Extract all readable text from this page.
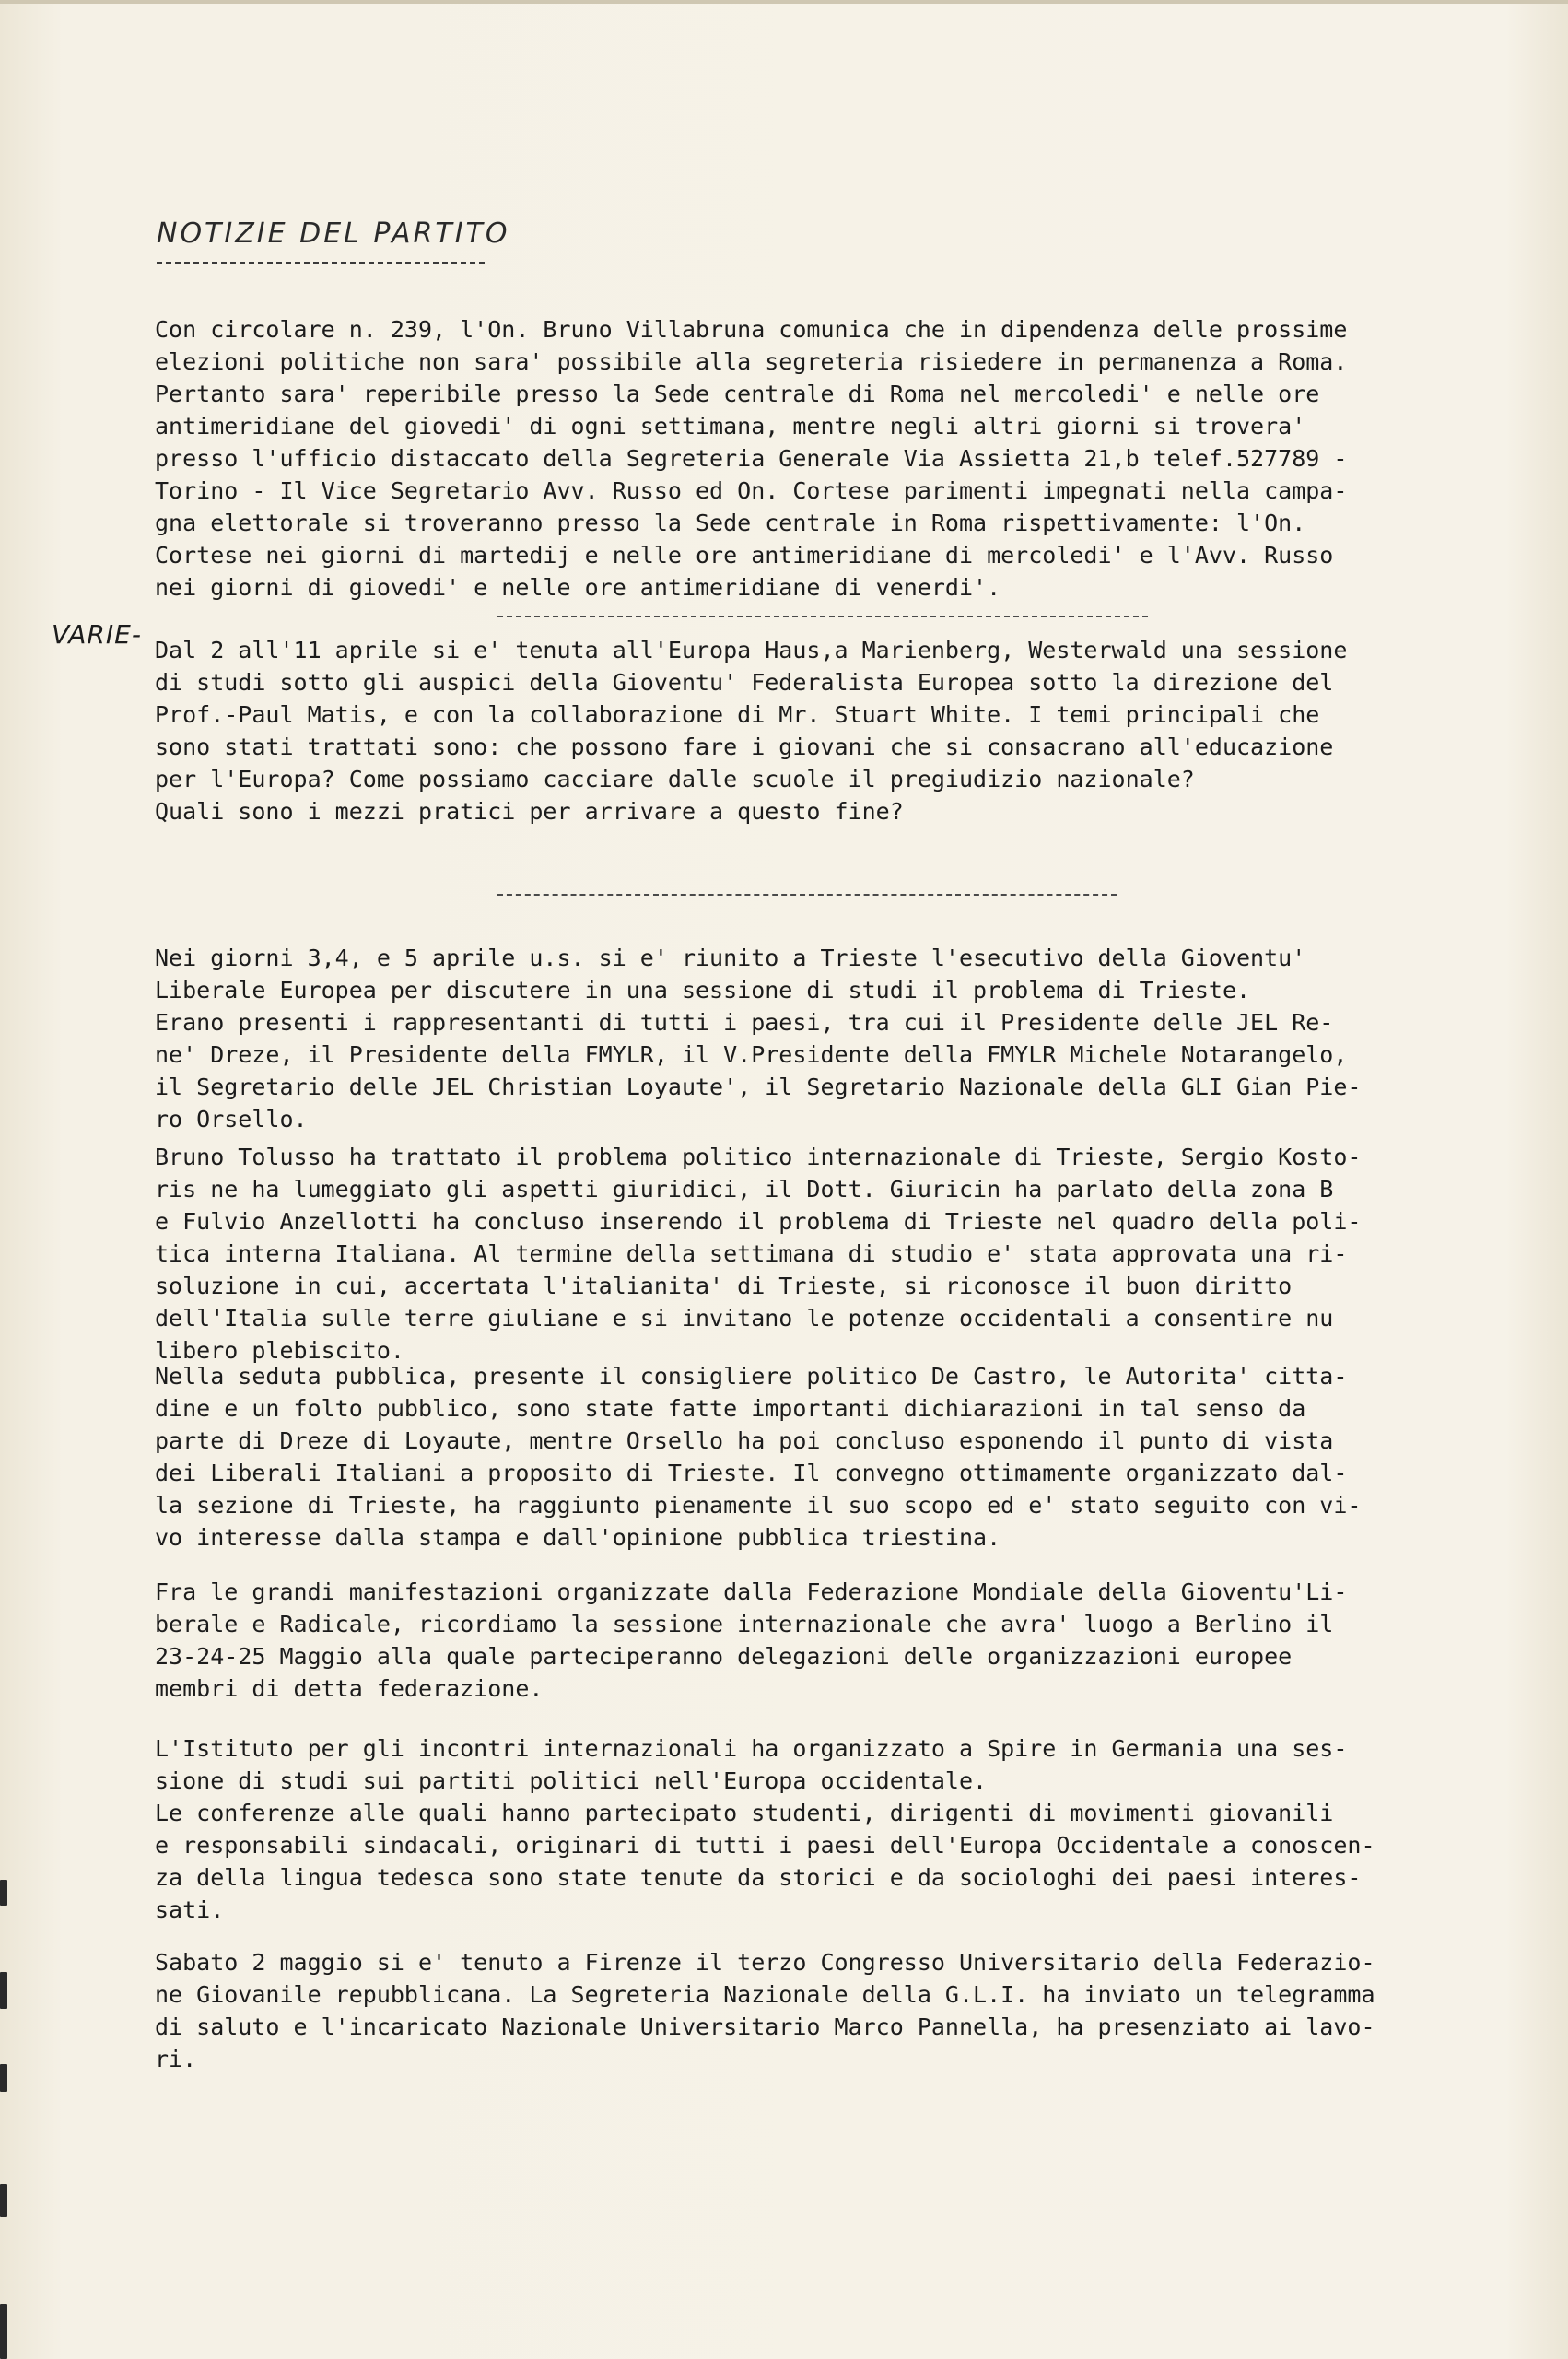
NOTIZIE DEL PARTITO

Con circolare n. 239, l'On. Bruno Villabruna comunica che in dipendenza delle prossime

elezioni politiche non sara' possibile alla segreteria risiedere in permanenza a Roma.

Pertanto sara' reperibile presso la Sede centrale di Roma nel mercoledi' e nelle ore

antimeridiane del giovedi' di ogni settimana, mentre negli altri giorni si trovera'

presso l'ufficio distaccato della Segreteria Generale Via Assietta 21,b telef.527789 -

Torino - Il Vice Segretario Avv. Russo ed On. Cortese parimenti impegnati nella campa-

gna elettorale si troveranno presso la Sede centrale in Roma rispettivamente: l'On.

Cortese nei giorni di martedij e nelle ore antimeridiane di mercoledi' e l'Avv. Russo

nei giorni di giovedi' e nelle ore antimeridiane di venerdi'.

VARIE-

Dal 2 all'11 aprile si e' tenuta all'Europa Haus,a Marienberg, Westerwald una sessione

di studi sotto gli auspici della Gioventu' Federalista Europea sotto la direzione del

Prof.-Paul Matis, e con la collaborazione di Mr. Stuart White. I temi principali che

sono stati trattati sono: che possono fare i giovani che si consacrano all'educazione

per l'Europa? Come possiamo cacciare dalle scuole il pregiudizio nazionale?

Quali sono i mezzi pratici per arrivare a questo fine?

Nei giorni 3,4, e 5 aprile u.s. si e' riunito a Trieste l'esecutivo della Gioventu'

Liberale Europea per discutere in una sessione di studi il problema di Trieste.

Erano presenti i rappresentanti di tutti i paesi, tra cui il Presidente delle JEL Re-

ne' Dreze, il Presidente della FMYLR, il V.Presidente della FMYLR Michele Notarangelo,

il Segretario delle JEL Christian Loyaute', il Segretario Nazionale della GLI Gian Pie-

ro Orsello.

Bruno Tolusso ha trattato il problema politico internazionale di Trieste, Sergio Kosto-

ris ne ha lumeggiato gli aspetti giuridici, il Dott. Giuricin ha parlato della zona B

e Fulvio Anzellotti ha concluso inserendo il problema di Trieste nel quadro della poli-

tica interna Italiana. Al termine della settimana di studio e' stata approvata una ri-

soluzione in cui, accertata l'italianita' di Trieste, si riconosce il buon diritto

dell'Italia sulle terre giuliane e si invitano le potenze occidentali a consentire nu

libero plebiscito.

Nella seduta pubblica, presente il consigliere politico De Castro, le Autorita' citta-

dine e un folto pubblico, sono state fatte importanti dichiarazioni in tal senso da

parte di Dreze di Loyaute, mentre Orsello ha poi concluso esponendo il punto di vista

dei Liberali Italiani a proposito di Trieste. Il convegno ottimamente organizzato dal-

la sezione di Trieste, ha raggiunto pienamente il suo scopo ed e' stato seguito con vi-

vo interesse dalla stampa e dall'opinione pubblica triestina.

Fra le grandi manifestazioni organizzate dalla Federazione Mondiale della Gioventu'Li-

berale e Radicale, ricordiamo la sessione internazionale che avra' luogo a Berlino il

23-24-25 Maggio alla quale parteciperanno delegazioni delle organizzazioni europee

membri di detta federazione.

L'Istituto per gli incontri internazionali ha organizzato a Spire in Germania una ses-

sione di studi sui partiti politici nell'Europa occidentale.

Le conferenze alle quali hanno partecipato studenti, dirigenti di movimenti giovanili

e responsabili sindacali, originari di tutti i paesi dell'Europa Occidentale a conoscen-

za della lingua tedesca sono state tenute da storici e da sociologhi dei paesi interes-

sati.

Sabato 2 maggio si e' tenuto a Firenze il terzo Congresso Universitario della Federazio-

ne Giovanile repubblicana. La Segreteria Nazionale della G.L.I. ha inviato un telegramma

di saluto e l'incaricato Nazionale Universitario Marco Pannella, ha presenziato ai lavo-

ri.
